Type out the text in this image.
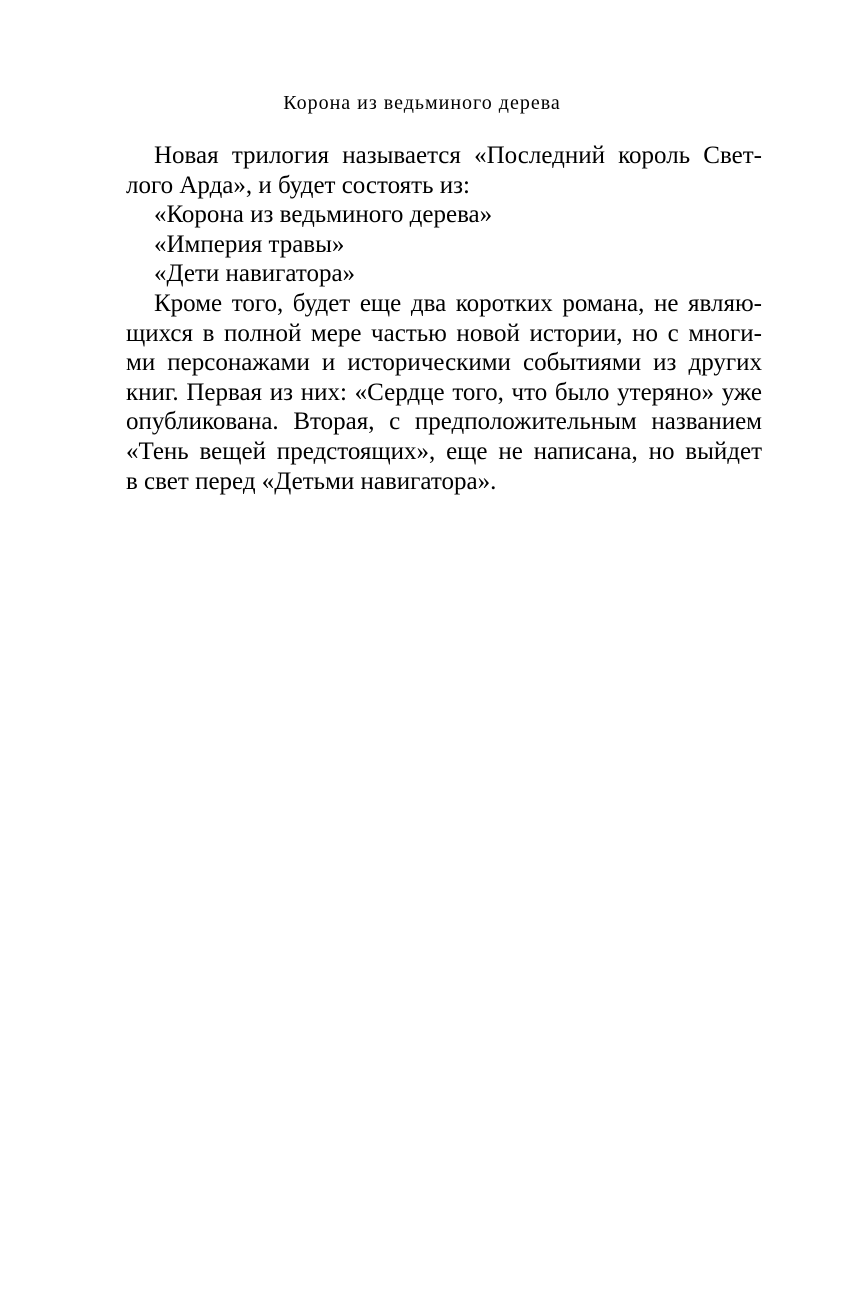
Корона из ведьминого дерева
Новая трилогия называется «Последний король Свет-
лого Арда», и будет состоять из:
«Корона из ведьминого дерева»
«Империя травы»
«Дети навигатора»
Кроме того, будет еще два коротких романа, не являю-
щихся в полной мере частью новой истории, но с многи-
ми персонажами и историческими событиями из других
книг. Первая из них: «Сердце того, что было утеряно» уже
опубликована. Вторая, с предположительным названием
«Тень вещей предстоящих», еще не написана, но выйдет
в свет перед «Детьми навигатора».
